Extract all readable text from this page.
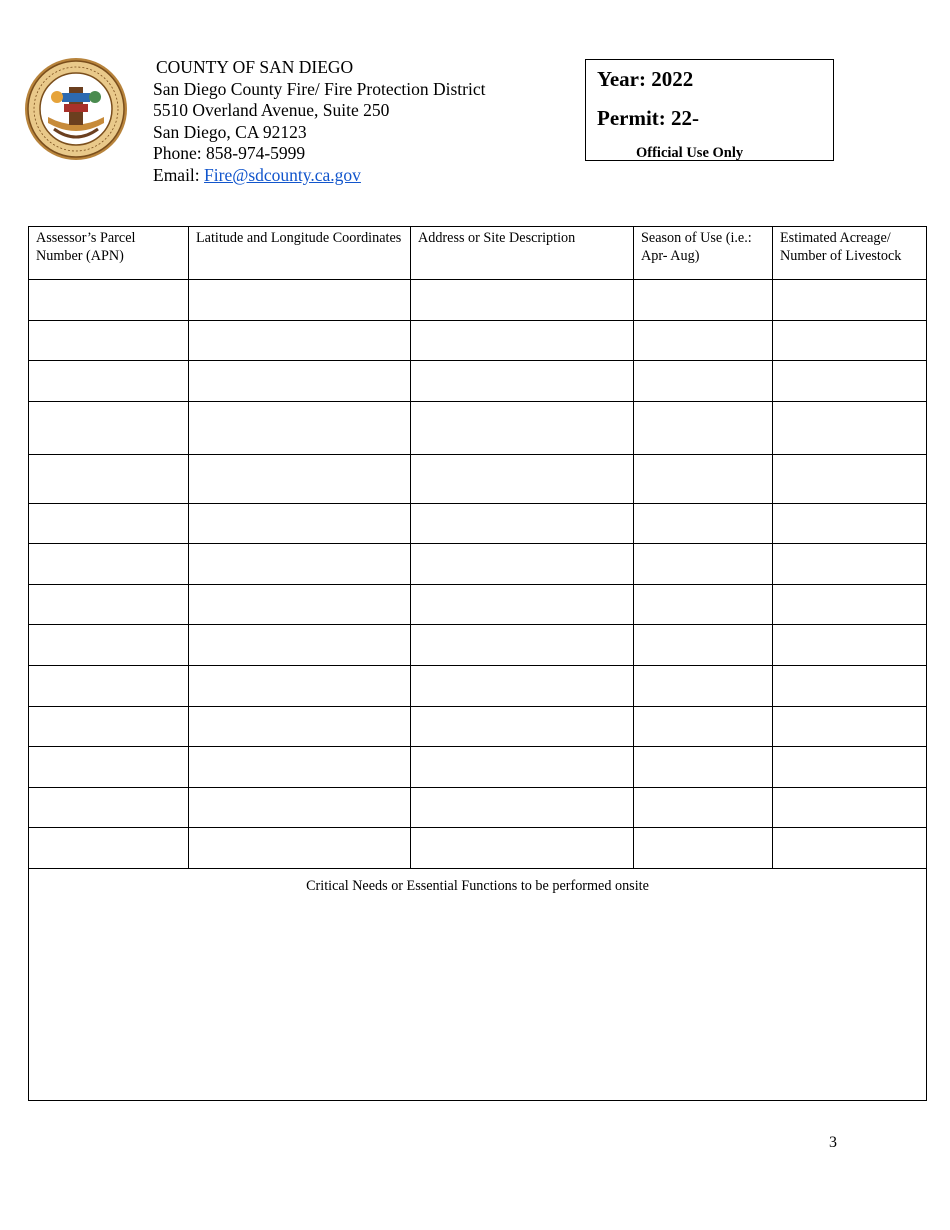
COUNTY OF SAN DIEGO
San Diego County Fire/ Fire Protection District
5510 Overland Avenue, Suite 250
San Diego, CA 92123
Phone: 858-974-5999
Email: Fire@sdcounty.ca.gov
Year: 2022
Permit: 22-
Official Use Only
Assessor’s Parcel Number (APN)	Latitude and Longitude Coordinates	Address or Site Description	Season of Use (i.e.: Apr- Aug)	Estimated Acreage/ Number of Livestock

Critical Needs or Essential Functions to be performed onsite				
3
